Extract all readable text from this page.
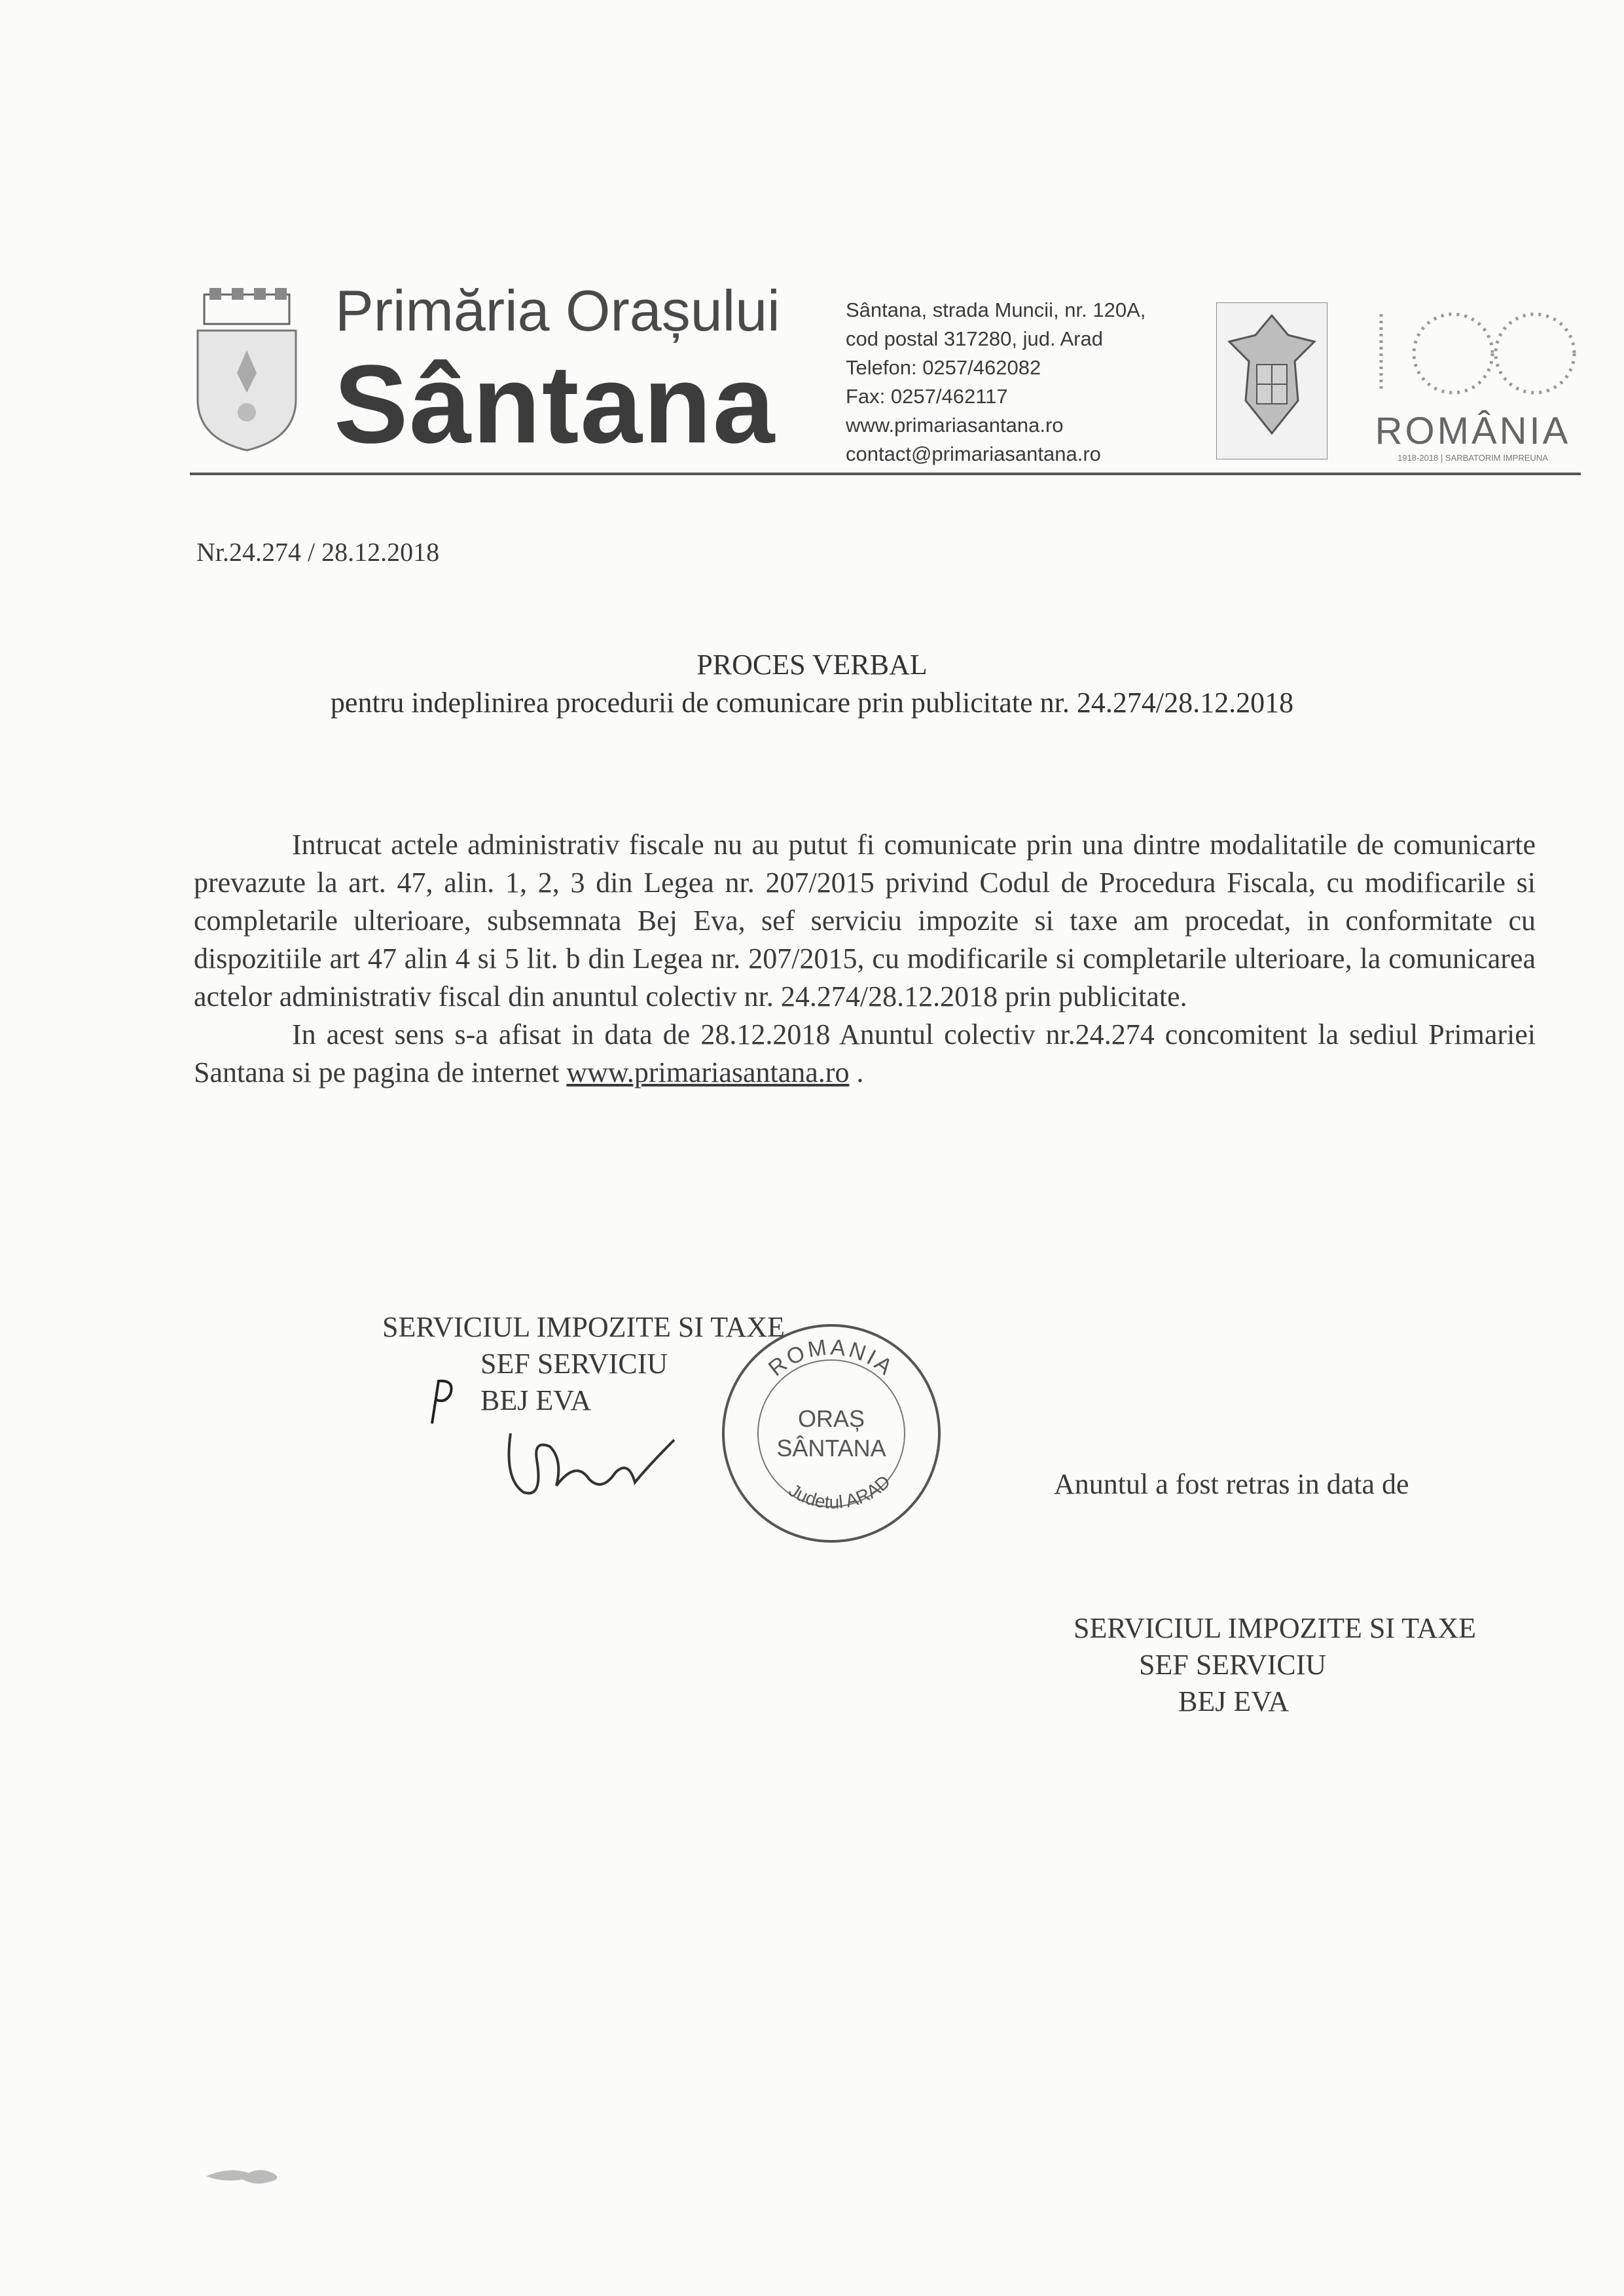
Primăria Orașului
Sântana
Sântana, strada Muncii, nr. 120A,
cod postal 317280, jud. Arad
Telefon: 0257/462082
Fax: 0257/462117
www.primariasantana.ro
contact@primariasantana.ro
ROMÂNIA
1918-2018 | SARBATORIM IMPREUNA
Nr.24.274 / 28.12.2018
PROCES VERBAL
pentru indeplinirea procedurii de comunicare prin publicitate nr. 24.274/28.12.2018

Intrucat actele administrativ fiscale nu au putut fi comunicate prin una dintre modalitatile de comunicarte prevazute la art. 47, alin. 1, 2, 3 din Legea nr. 207/2015 privind Codul de Procedura Fiscala, cu modificarile si completarile ulterioare, subsemnata Bej Eva, sef serviciu impozite si taxe am procedat, in conformitate cu dispozitiile art 47 alin 4 si 5 lit. b din Legea nr. 207/2015, cu modificarile si completarile ulterioare, la comunicarea actelor administrativ fiscal din anuntul colectiv nr. 24.274/28.12.2018 prin publicitate.

In acest sens s-a afisat in data de 28.12.2018 Anuntul colectiv nr.24.274 concomitent la sediul Primariei Santana si pe pagina de internet www.primariasantana.ro .

SERVICIUL IMPOZITE SI TAXE
SEF SERVICIU
BEJ EVA
ROMANIA
ORAȘ
SÂNTANA
Judetul ARAD	Anuntul a fost retras in data de
SERVICIUL IMPOZITE SI TAXE
SEF SERVICIU
BEJ EVA
